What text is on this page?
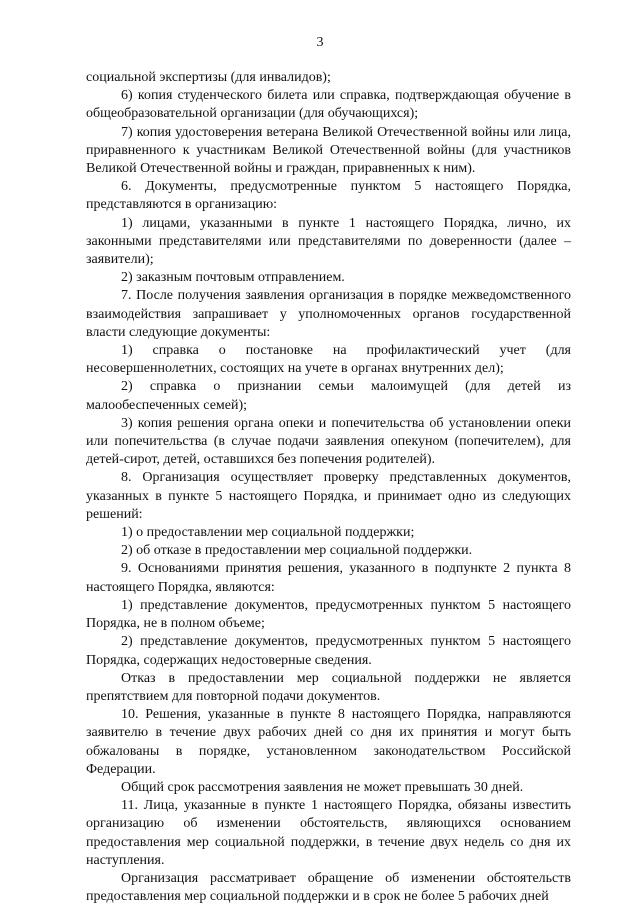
3

социальной экспертизы (для инвалидов);

6) копия студенческого билета или справка, подтверждающая обучение в общеобразовательной организации (для обучающихся);

7) копия удостоверения ветерана Великой Отечественной войны или лица, приравненного к участникам Великой Отечественной войны (для участников Великой Отечественной войны и граждан, приравненных к ним).

6. Документы, предусмотренные пунктом 5 настоящего Порядка, представляются в организацию:

1) лицами, указанными в пункте 1 настоящего Порядка, лично, их законными представителями или представителями по доверенности (далее – заявители);

2) заказным почтовым отправлением.

7. После получения заявления организация в порядке межведомственного взаимодействия запрашивает у уполномоченных органов государственной власти следующие документы:

1) справка о постановке на профилактический учет (для несовершеннолетних, состоящих на учете в органах внутренних дел);

2) справка о признании семьи малоимущей (для детей из малообеспеченных семей);

3) копия решения органа опеки и попечительства об установлении опеки или попечительства (в случае подачи заявления опекуном (попечителем), для детей-сирот, детей, оставшихся без попечения родителей).

8. Организация осуществляет проверку представленных документов, указанных в пункте 5 настоящего Порядка, и принимает одно из следующих решений:

1) о предоставлении мер социальной поддержки;

2) об отказе в предоставлении мер социальной поддержки.

9. Основаниями принятия решения, указанного в подпункте 2 пункта 8 настоящего Порядка, являются:

1) представление документов, предусмотренных пунктом 5 настоящего Порядка, не в полном объеме;

2) представление документов, предусмотренных пунктом 5 настоящего Порядка, содержащих недостоверные сведения.

Отказ в предоставлении мер социальной поддержки не является препятствием для повторной подачи документов.

10. Решения, указанные в пункте 8 настоящего Порядка, направляются заявителю в течение двух рабочих дней со дня их принятия и могут быть обжалованы в порядке, установленном законодательством Российской Федерации.

Общий срок рассмотрения заявления не может превышать 30 дней.

11. Лица, указанные в пункте 1 настоящего Порядка, обязаны известить организацию об изменении обстоятельств, являющихся основанием предоставления мер социальной поддержки, в течение двух недель со дня их наступления.

Организация рассматривает обращение об изменении обстоятельств предоставления мер социальной поддержки и в срок не более 5 рабочих дней
